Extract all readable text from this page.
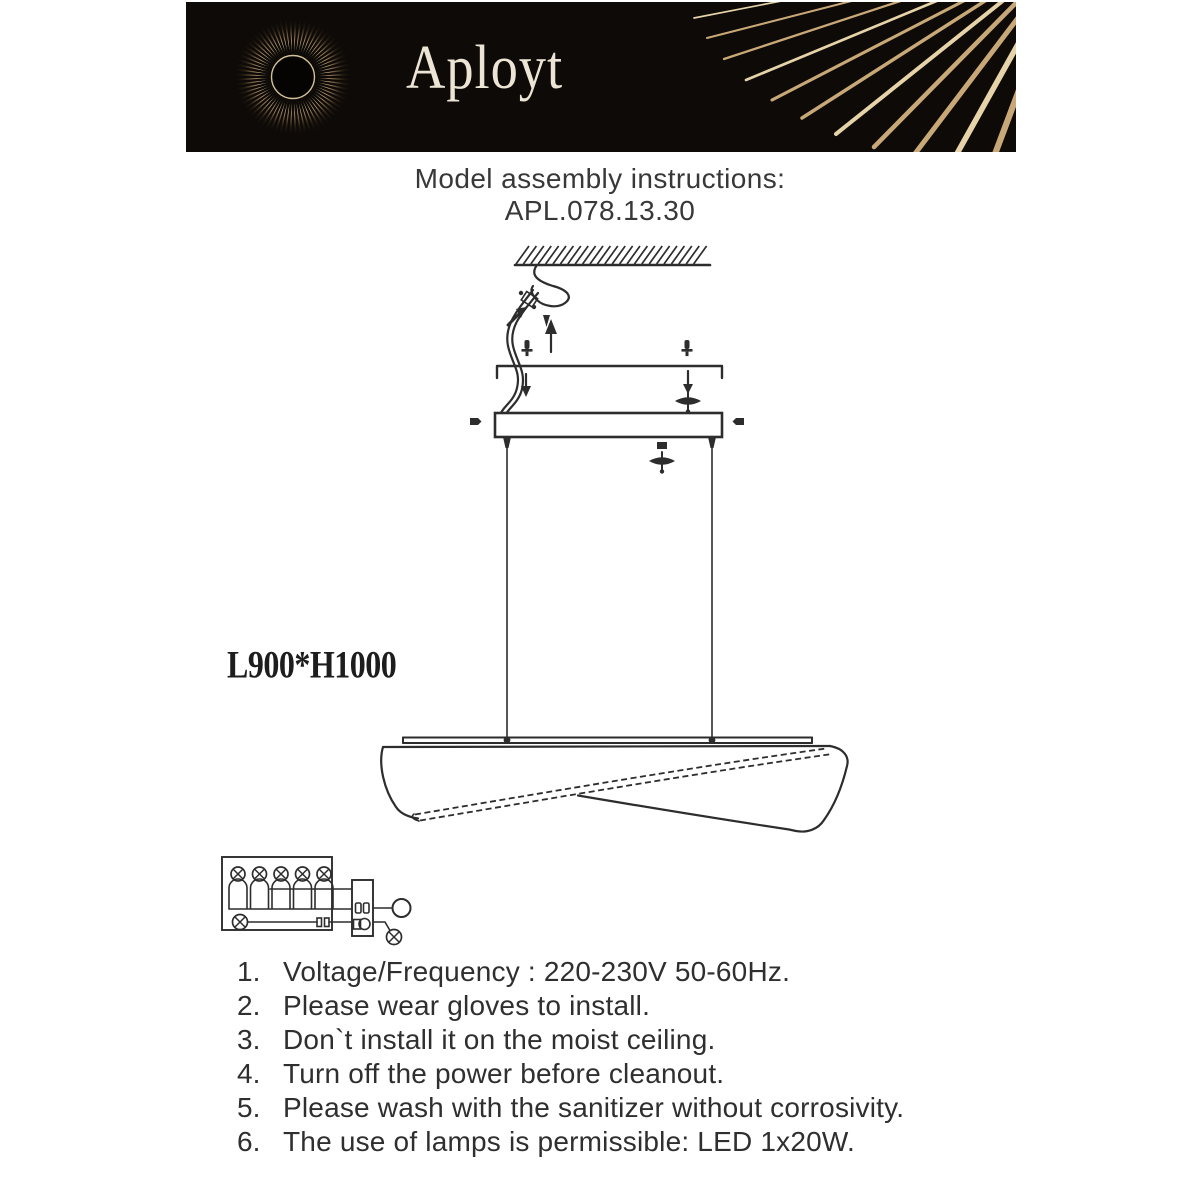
Aployt
Model assembly instructions:
APL.078.13.30
L900*H1000
1. Voltage/Frequency : 220-230V 50-60Hz.
2. Please wear gloves to install.
3. Don`t install it on the moist ceiling.
4. Turn off the power before cleanout.
5. Please wash with the sanitizer without corrosivity.
6. The use of lamps is permissible: LED 1x20W.
